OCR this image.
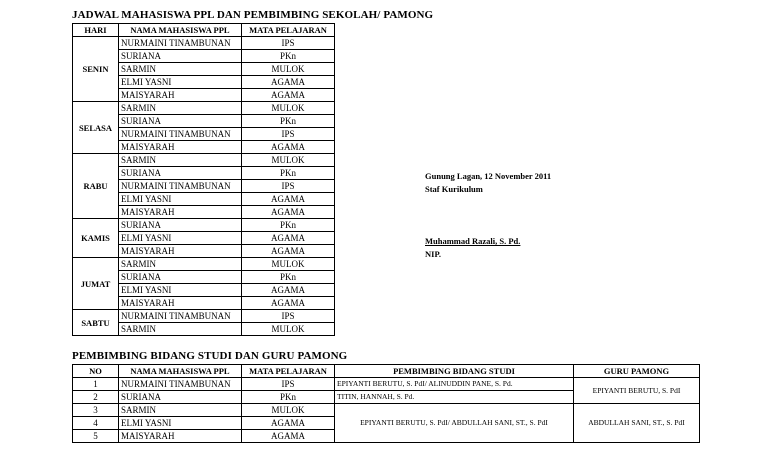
JADWAL MAHASISWA PPL DAN PEMBIMBING SEKOLAH/ PAMONG
HARI	NAMA MAHASISWA PPL	MATA PELAJARAN
SENIN	NURMAINI TINAMBUNAN	IPS
	SURIANA	PKn
	SARMIN	MULOK
	ELMI YASNI	AGAMA
	MAISYARAH	AGAMA
SELASA	SARMIN	MULOK
	SURIANA	PKn
	NURMAINI TINAMBUNAN	IPS
	MAISYARAH	AGAMA
RABU	SARMIN	MULOK
	SURIANA	PKn
	NURMAINI TINAMBUNAN	IPS
	ELMI YASNI	AGAMA
	MAISYARAH	AGAMA
KAMIS	SURIANA	PKn
	ELMI YASNI	AGAMA
	MAISYARAH	AGAMA
JUMAT	SARMIN	MULOK
	SURIANA	PKn
	ELMI YASNI	AGAMA
	MAISYARAH	AGAMA
SABTU	NURMAINI TINAMBUNAN	IPS
	SARMIN	MULOK
Gunung Lagan, 12 November 2011
Staf Kurikulum
Muhammad Razali, S. Pd.
NIP.
PEMBIMBING BIDANG STUDI DAN GURU PAMONG
NO	NAMA MAHASISWA PPL	MATA PELAJARAN	PEMBIMBING BIDANG STUDI	GURU PAMONG
1	NURMAINI TINAMBUNAN	IPS	EPIYANTI BERUTU, S. PdI/ ALINUDDIN PANE, S. Pd.	EPIYANTI BERUTU, S. PdI
2	SURIANA	PKn	TITIN, HANNAH, S. Pd.	
3	SARMIN	MULOK	EPIYANTI BERUTU, S. PdI/ ABDULLAH SANI, ST., S. PdI	ABDULLAH SANI, ST., S. PdI
4	ELMI YASNI	AGAMA		
5	MAISYARAH	AGAMA		
